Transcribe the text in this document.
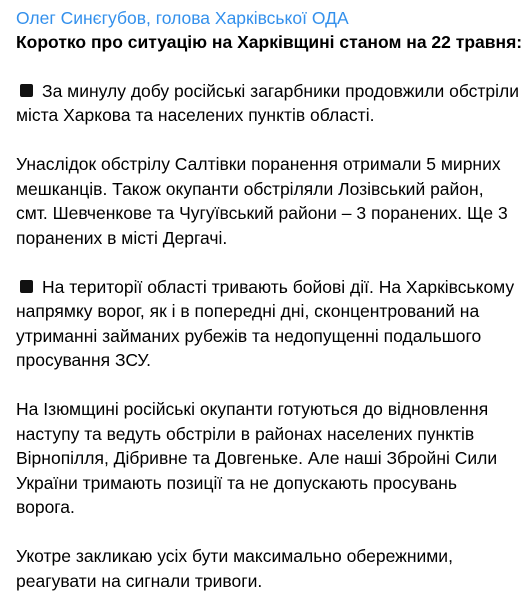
Олег Синєгубов, голова Харківської ОДА
Коротко про ситуацію на Харківщині станом на 22 травня:

За минулу добу російські загарбники продовжили обстріли міста Харкова та населених пунктів області.

Унаслідок обстрілу Салтівки поранення отримали 5 мирних мешканців. Також окупанти обстріляли Лозівський район, смт. Шевченкове та Чугуївський райони – 3 поранених. Ще 3 поранених в місті Дергачі.

На території області тривають бойові дії. На Харківському напрямку ворог, як і в попередні дні, сконцентрований на утриманні займаних рубежів та недопущенні подальшого просування ЗСУ.

На Ізюмщині російські окупанти готуються до відновлення наступу та ведуть обстріли в районах населених пунктів Вірнопілля, Дібривне та Довгеньке. Але наші Збройні Сили України тримають позиції та не допускають просувань ворога.

Укотре закликаю усіх бути максимально обережними, реагувати на сигнали тривоги.
